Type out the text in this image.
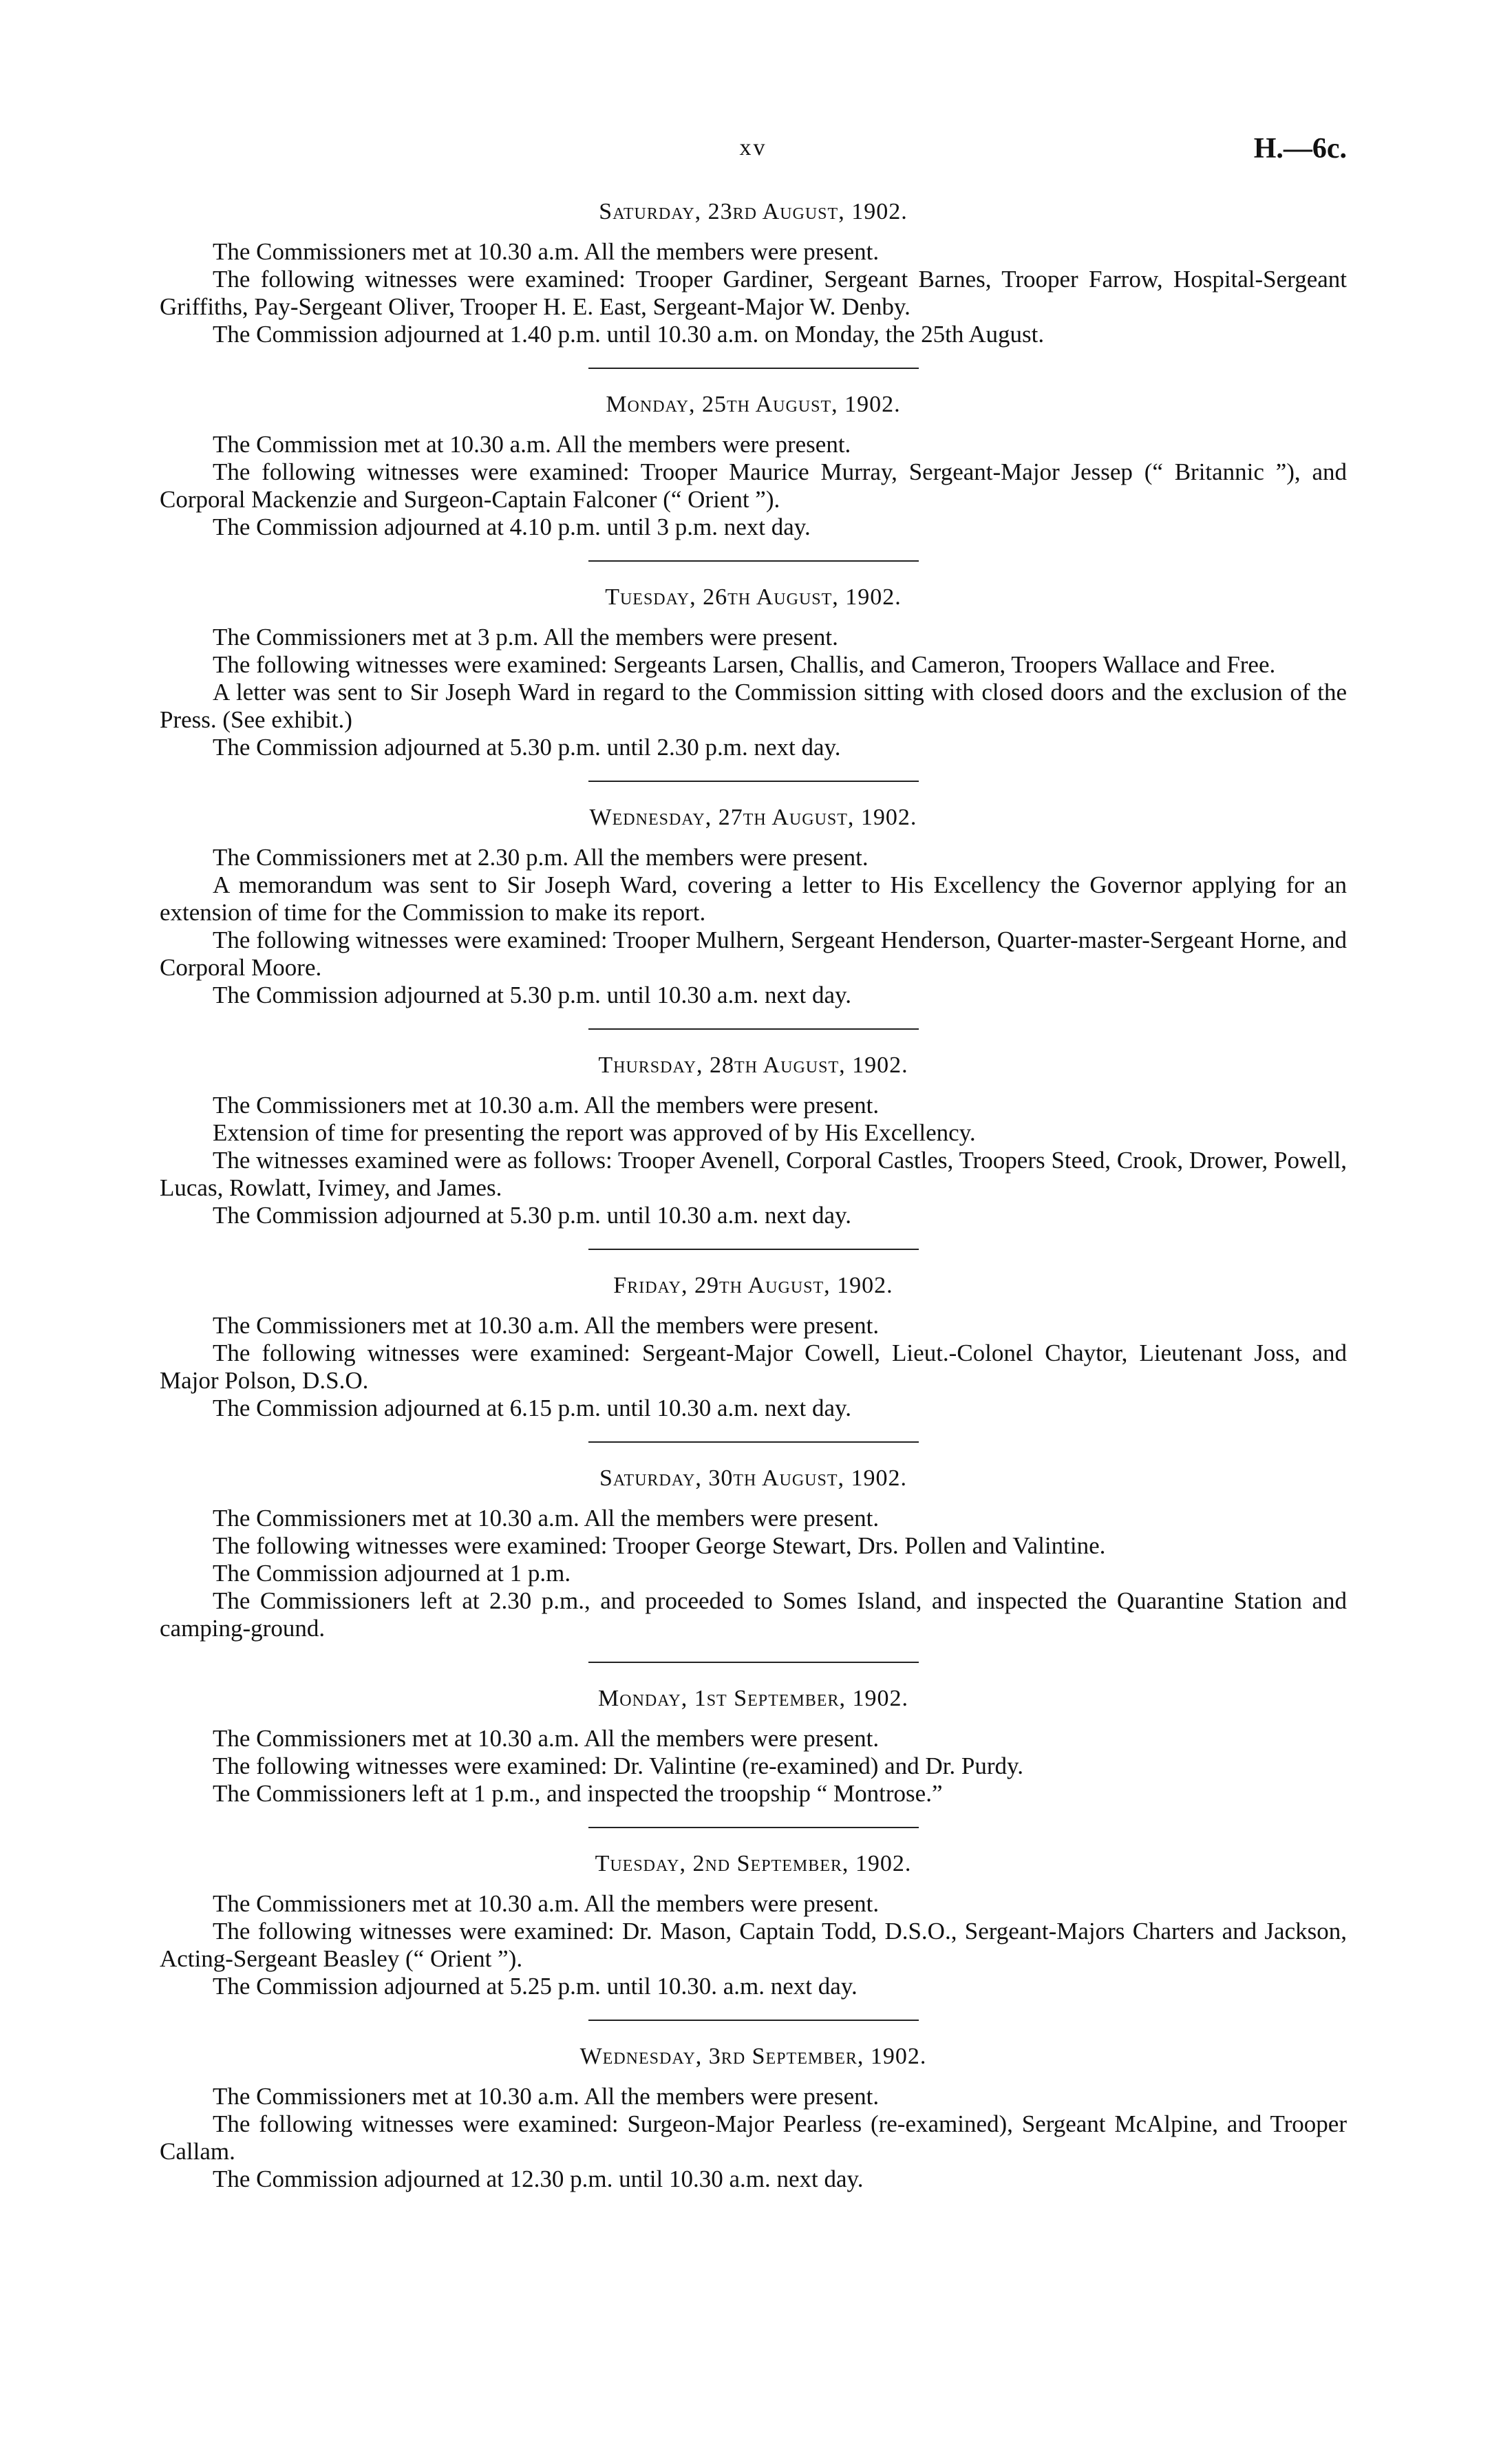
xv	H.—6c.
Saturday, 23rd August, 1902.

The Commissioners met at 10.30 a.m. All the members were present.

The following witnesses were examined: Trooper Gardiner, Sergeant Barnes, Trooper Farrow, Hospital-Sergeant Griffiths, Pay-Sergeant Oliver, Trooper H. E. East, Sergeant-Major W. Denby.

The Commission adjourned at 1.40 p.m. until 10.30 a.m. on Monday, the 25th August.

Monday, 25th August, 1902.

The Commission met at 10.30 a.m. All the members were present.

The following witnesses were examined: Trooper Maurice Murray, Sergeant-Major Jessep (“ Britannic ”), and Corporal Mackenzie and Surgeon-Captain Falconer (“ Orient ”).

The Commission adjourned at 4.10 p.m. until 3 p.m. next day.

Tuesday, 26th August, 1902.

The Commissioners met at 3 p.m. All the members were present.

The following witnesses were examined: Sergeants Larsen, Challis, and Cameron, Troopers Wallace and Free.

A letter was sent to Sir Joseph Ward in regard to the Commission sitting with closed doors and the exclusion of the Press. (See exhibit.)

The Commission adjourned at 5.30 p.m. until 2.30 p.m. next day.

Wednesday, 27th August, 1902.

The Commissioners met at 2.30 p.m. All the members were present.

A memorandum was sent to Sir Joseph Ward, covering a letter to His Excellency the Governor applying for an extension of time for the Commission to make its report.

The following witnesses were examined: Trooper Mulhern, Sergeant Henderson, Quarter-master-Sergeant Horne, and Corporal Moore.

The Commission adjourned at 5.30 p.m. until 10.30 a.m. next day.

Thursday, 28th August, 1902.

The Commissioners met at 10.30 a.m. All the members were present.

Extension of time for presenting the report was approved of by His Excellency.

The witnesses examined were as follows: Trooper Avenell, Corporal Castles, Troopers Steed, Crook, Drower, Powell, Lucas, Rowlatt, Ivimey, and James.

The Commission adjourned at 5.30 p.m. until 10.30 a.m. next day.

Friday, 29th August, 1902.

The Commissioners met at 10.30 a.m. All the members were present.

The following witnesses were examined: Sergeant-Major Cowell, Lieut.-Colonel Chaytor, Lieutenant Joss, and Major Polson, D.S.O.

The Commission adjourned at 6.15 p.m. until 10.30 a.m. next day.

Saturday, 30th August, 1902.

The Commissioners met at 10.30 a.m. All the members were present.

The following witnesses were examined: Trooper George Stewart, Drs. Pollen and Valintine.

The Commission adjourned at 1 p.m.

The Commissioners left at 2.30 p.m., and proceeded to Somes Island, and inspected the Quarantine Station and camping-ground.

Monday, 1st September, 1902.

The Commissioners met at 10.30 a.m. All the members were present.

The following witnesses were examined: Dr. Valintine (re-examined) and Dr. Purdy.

The Commissioners left at 1 p.m., and inspected the troopship “ Montrose.”

Tuesday, 2nd September, 1902.

The Commissioners met at 10.30 a.m. All the members were present.

The following witnesses were examined: Dr. Mason, Captain Todd, D.S.O., Sergeant-Majors Charters and Jackson, Acting-Sergeant Beasley (“ Orient ”).

The Commission adjourned at 5.25 p.m. until 10.30. a.m. next day.

Wednesday, 3rd September, 1902.

The Commissioners met at 10.30 a.m. All the members were present.

The following witnesses were examined: Surgeon-Major Pearless (re-examined), Sergeant McAlpine, and Trooper Callam.

The Commission adjourned at 12.30 p.m. until 10.30 a.m. next day.
